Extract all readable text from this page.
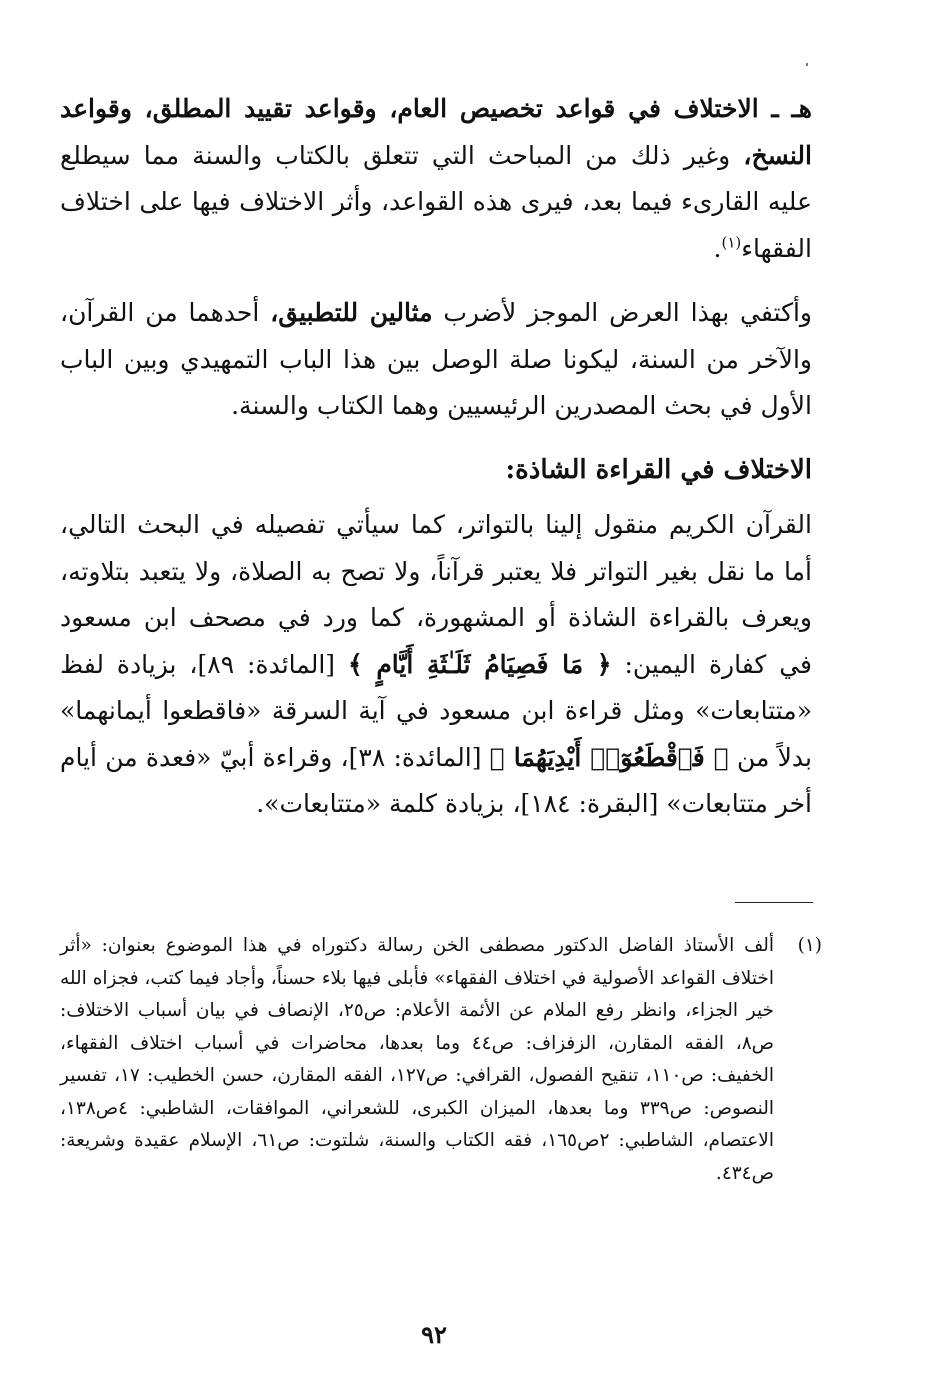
هـ ـ الاختلاف في قواعد تخصيص العام، وقواعد تقييد المطلق، وقواعد النسخ، وغير ذلك من المباحث التي تتعلق بالكتاب والسنة مما سيطلع عليه القارىء فيما بعد، فيرى هذه القواعد، وأثر الاختلاف فيها على اختلاف الفقهاء$^{(١)}$.
وأكتفي بهذا العرض الموجز لأضرب مثالين للتطبيق، أحدهما من القرآن، والآخر من السنة، ليكونا صلة الوصل بين هذا الباب التمهيدي وبين الباب الأول في بحث المصدرين الرئيسيين وهما الكتاب والسنة.
الاختلاف في القراءة الشاذة:
القرآن الكريم منقول إلينا بالتواتر، كما سيأتي تفصيله في البحث التالي، أما ما نقل بغير التواتر فلا يعتبر قرآناً، ولا تصح به الصلاة، ولا يتعبد بتلاوته، ويعرف بالقراءة الشاذة أو المشهورة، كما ورد في مصحف ابن مسعود في كفارة اليمين: ﴿ مَا فَصِيَامُ ثَلَـٰثَةِ أَيَّامٍ ﴾ [المائدة: ٨٩]، بزيادة لفظ «متتابعات» ومثل قراءة ابن مسعود في آية السرقة «فاقطعوا أيمانهما» بدلاً من ﴿ فَٱقْطَعُوٓا۟ أَيْدِيَهُمَا ﴾ [المائدة: ٣٨]، وقراءة أبيّ «فعدة من أيام أخر متتابعات» [البقرة: ١٨٤]، بزيادة كلمة «متتابعات».
(١)
ألف الأستاذ الفاضل الدكتور مصطفى الخن رسالة دكتوراه في هذا الموضوع بعنوان: «أثر اختلاف القواعد الأصولية في اختلاف الفقهاء» فأبلى فيها بلاء حسناً، وأجاد فيما كتب، فجزاه الله خير الجزاء، وانظر رفع الملام عن الأئمة الأعلام: ص٢٥، الإنصاف في بيان أسباب الاختلاف: ص٨، الفقه المقارن، الزفزاف: ص٤٤ وما بعدها، محاضرات في أسباب اختلاف الفقهاء، الخفيف: ص١١٠، تنقيح الفصول، القرافي: ص١٢٧، الفقه المقارن، حسن الخطيب: ١٧، تفسير النصوص: ص٣٣٩ وما بعدها، الميزان الكبرى، للشعراني، الموافقات، الشاطبي: ٤ص١٣٨، الاعتصام، الشاطبي: ٢ص١٦٥، فقه الكتاب والسنة، شلتوت: ص٦١، الإسلام عقيدة وشريعة: ص٤٣٤.
٩٢
